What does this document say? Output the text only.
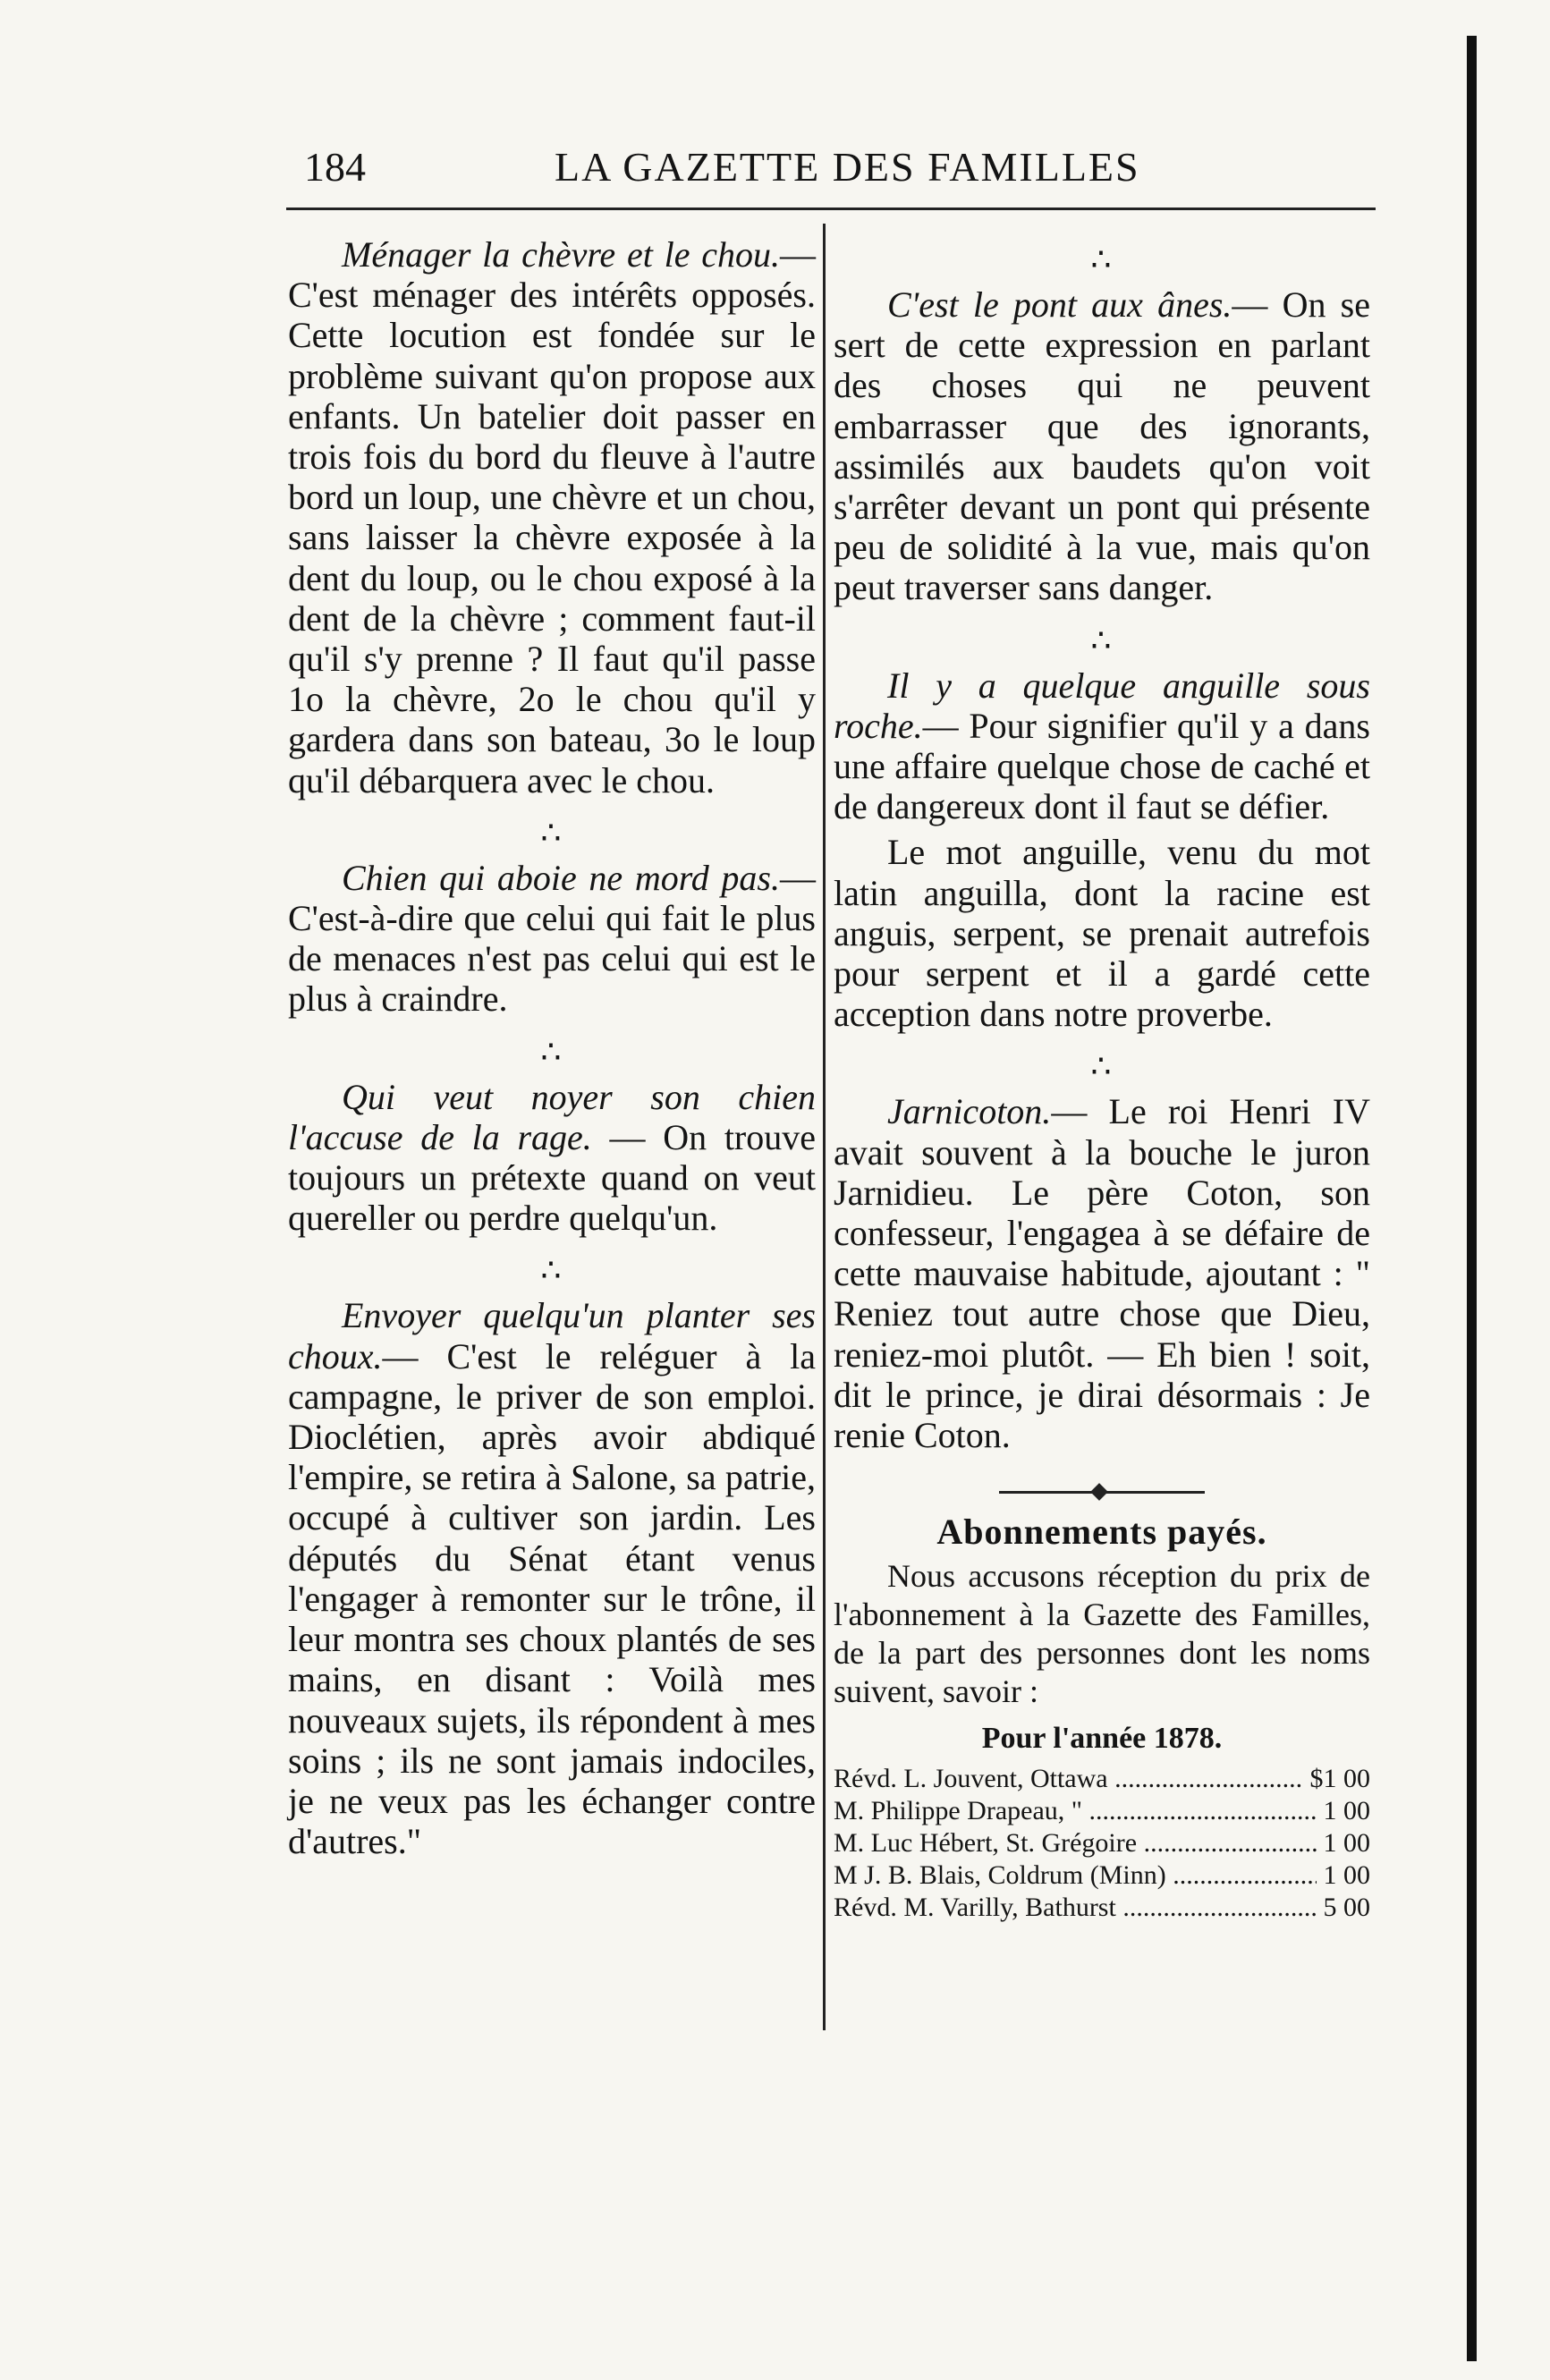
184	LA GAZETTE DES FAMILLES
Ménager la chèvre et le chou.— C'est ménager des intérêts opposés. Cette locution est fondée sur le problème suivant qu'on propose aux enfants. Un batelier doit passer en trois fois du bord du fleuve à l'autre bord un loup, une chèvre et un chou, sans laisser la chèvre exposée à la dent du loup, ou le chou exposé à la dent de la chèvre ; comment faut-il qu'il s'y prenne ? Il faut qu'il passe 1o la chèvre, 2o le chou qu'il y gardera dans son bateau, 3o le loup qu'il débarquera avec le chou.
∴
Chien qui aboie ne mord pas.— C'est-à-dire que celui qui fait le plus de menaces n'est pas celui qui est le plus à craindre.
∴
Qui veut noyer son chien l'accuse de la rage. — On trouve toujours un prétexte quand on veut quereller ou perdre quelqu'un.
∴
Envoyer quelqu'un planter ses choux.— C'est le reléguer à la campagne, le priver de son emploi. Dioclétien, après avoir abdiqué l'empire, se retira à Salone, sa patrie, occupé à cultiver son jardin. Les députés du Sénat étant venus l'engager à remonter sur le trône, il leur montra ses choux plantés de ses mains, en disant : Voilà mes nouveaux sujets, ils répondent à mes soins ; ils ne sont jamais indociles, je ne veux pas les échanger contre d'autres."
∴
C'est le pont aux ânes.— On se sert de cette expression en parlant des choses qui ne peuvent embarrasser que des ignorants, assimilés aux baudets qu'on voit s'arrêter devant un pont qui présente peu de solidité à la vue, mais qu'on peut traverser sans danger.
∴
Il y a quelque anguille sous roche.— Pour signifier qu'il y a dans une affaire quelque chose de caché et de dangereux dont il faut se défier.
Le mot anguille, venu du mot latin anguilla, dont la racine est anguis, serpent, se prenait autrefois pour serpent et il a gardé cette acception dans notre proverbe.
∴
Jarnicoton.— Le roi Henri IV avait souvent à la bouche le juron Jarnidieu. Le père Coton, son confesseur, l'engagea à se défaire de cette mauvaise habitude, ajoutant : " Reniez tout autre chose que Dieu, reniez-moi plutôt. — Eh bien ! soit, dit le prince, je dirai désormais : Je renie Coton.
Abonnements payés.
Nous accusons réception du prix de l'abonnement à la Gazette des Familles, de la part des personnes dont les noms suivent, savoir :
Pour l'année 1878.
Révd. L. Jouvent, Ottawa .....	$1 00
M. Philippe Drapeau, " .....	1 00
M. Luc Hébert, St. Grégoire .....	1 00
M J. B. Blais, Coldrum (Minn) .....	1 00
Révd. M. Varilly, Bathurst .....	5 00
